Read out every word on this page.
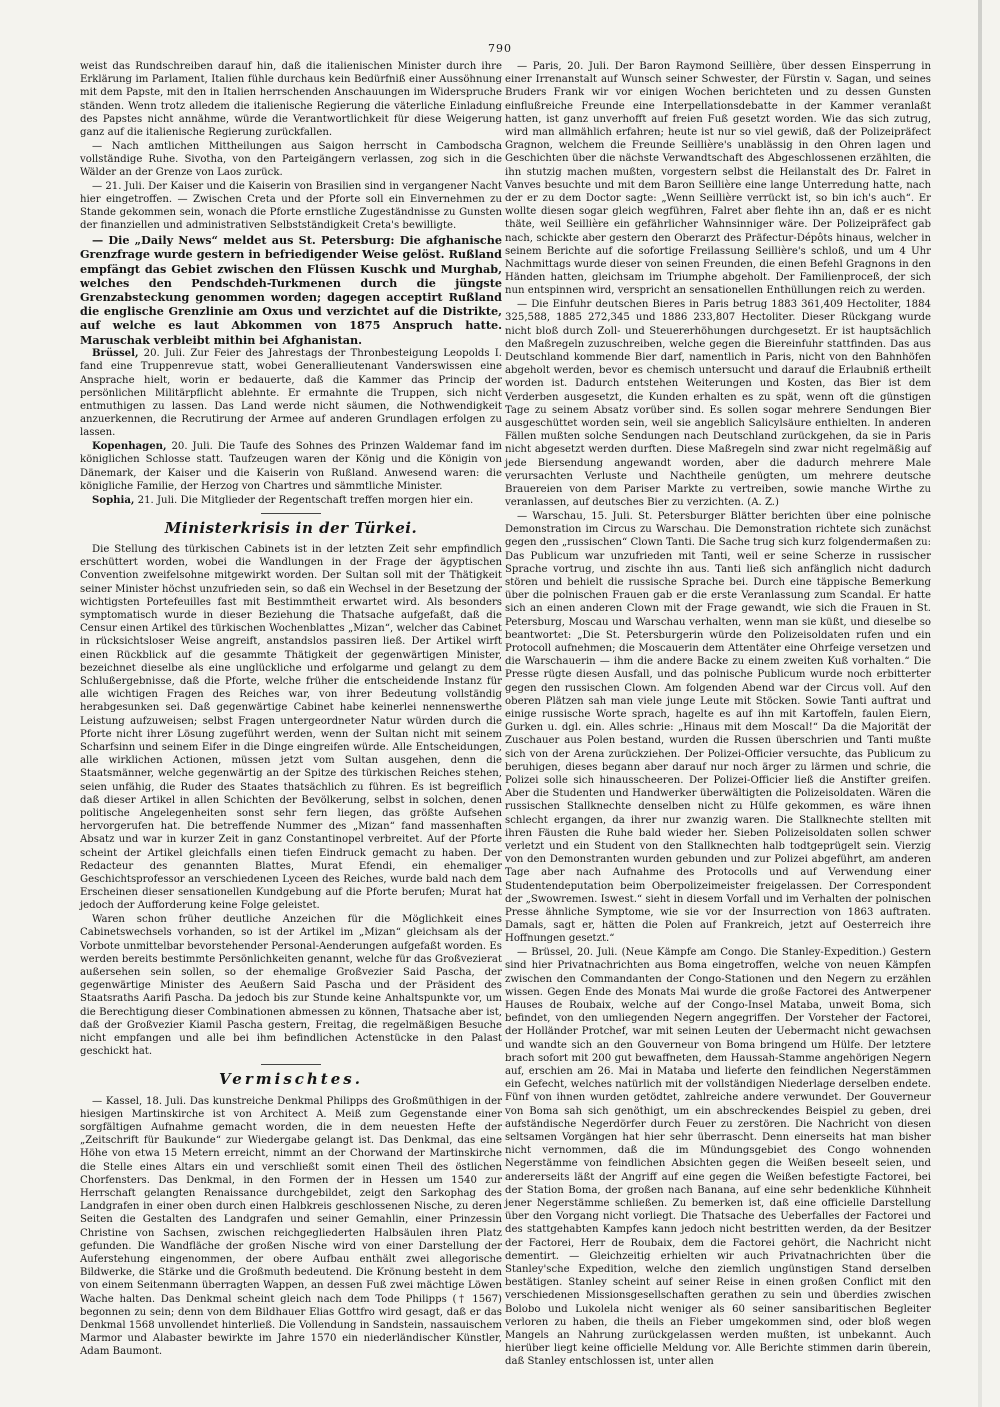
790

weist das Rundschreiben darauf hin, daß die italienischen Minister durch ihre Erklärung im Parlament, Italien fühle durchaus kein Bedürfniß einer Aussöhnung mit dem Papste, mit den in Italien herrschenden Anschauungen im Widerspruche ständen. Wenn trotz alledem die italienische Regierung die väterliche Einladung des Papstes nicht annähme, würde die Verantwortlichkeit für diese Weigerung ganz auf die italienische Regierung zurückfallen.

— Nach amtlichen Mittheilungen aus Saigon herrscht in Cambodscha vollständige Ruhe. Sivotha, von den Parteigängern verlassen, zog sich in die Wälder an der Grenze von Laos zurück.

— 21. Juli. Der Kaiser und die Kaiserin von Brasilien sind in vergangener Nacht hier eingetroffen. — Zwischen Creta und der Pforte soll ein Einvernehmen zu Stande gekommen sein, wonach die Pforte ernstliche Zugeständnisse zu Gunsten der finanziellen und administrativen Selbstständigkeit Creta's bewilligte.

— Die „Daily News“ meldet aus St. Petersburg: Die afghanische Grenzfrage wurde gestern in befriedigender Weise gelöst. Rußland empfängt das Gebiet zwischen den Flüssen Kuschk und Murghab, welches den Pendschdeh-Turkmenen durch die jüngste Grenzabsteckung genommen worden; dagegen acceptirt Rußland die englische Grenzlinie am Oxus und verzichtet auf die Distrikte, auf welche es laut Abkommen von 1875 Anspruch hatte. Maruschak verbleibt mithin bei Afghanistan.

Brüssel, 20. Juli. Zur Feier des Jahrestags der Thronbesteigung Leopolds I. fand eine Truppenrevue statt, wobei Generallieutenant Vanderswissen eine Ansprache hielt, worin er bedauerte, daß die Kammer das Princip der persönlichen Militärpflicht ablehnte. Er ermahnte die Truppen, sich nicht entmuthigen zu lassen. Das Land werde nicht säumen, die Nothwendigkeit anzuerkennen, die Recrutirung der Armee auf anderen Grundlagen erfolgen zu lassen.

Kopenhagen, 20. Juli. Die Taufe des Sohnes des Prinzen Waldemar fand im königlichen Schlosse statt. Taufzeugen waren der König und die Königin von Dänemark, der Kaiser und die Kaiserin von Rußland. Anwesend waren: die königliche Familie, der Herzog von Chartres und sämmtliche Minister.

Sophia, 21. Juli. Die Mitglieder der Regentschaft treffen morgen hier ein.

Ministerkrisis in der Türkei.

Die Stellung des türkischen Cabinets ist in der letzten Zeit sehr empfindlich erschüttert worden, wobei die Wandlungen in der Frage der ägyptischen Convention zweifelsohne mitgewirkt worden. Der Sultan soll mit der Thätigkeit seiner Minister höchst unzufrieden sein, so daß ein Wechsel in der Besetzung der wichtigsten Portefeuilles fast mit Bestimmtheit erwartet wird. Als besonders symptomatisch wurde in dieser Beziehung die Thatsache aufgefaßt, daß die Censur einen Artikel des türkischen Wochenblattes „Mizan“, welcher das Cabinet in rücksichtsloser Weise angreift, anstandslos passiren ließ. Der Artikel wirft einen Rückblick auf die gesammte Thätigkeit der gegenwärtigen Minister, bezeichnet dieselbe als eine unglückliche und erfolgarme und gelangt zu dem Schlußergebnisse, daß die Pforte, welche früher die entscheidende Instanz für alle wichtigen Fragen des Reiches war, von ihrer Bedeutung vollständig herabgesunken sei. Daß gegenwärtige Cabinet habe keinerlei nennenswerthe Leistung aufzuweisen; selbst Fragen untergeordneter Natur würden durch die Pforte nicht ihrer Lösung zugeführt werden, wenn der Sultan nicht mit seinem Scharfsinn und seinem Eifer in die Dinge eingreifen würde. Alle Entscheidungen, alle wirklichen Actionen, müssen jetzt vom Sultan ausgehen, denn die Staatsmänner, welche gegenwärtig an der Spitze des türkischen Reiches stehen, seien unfähig, die Ruder des Staates thatsächlich zu führen. Es ist begreiflich daß dieser Artikel in allen Schichten der Bevölkerung, selbst in solchen, denen politische Angelegenheiten sonst sehr fern liegen, das größte Aufsehen hervorgerufen hat. Die betreffende Nummer des „Mizan“ fand massenhaften Absatz und war in kurzer Zeit in ganz Constantinopel verbreitet. Auf der Pforte scheint der Artikel gleichfalls einen tiefen Eindruck gemacht zu haben. Der Redacteur des genannten Blattes, Murat Efendi, ein ehemaliger Geschichtsprofessor an verschiedenen Lyceen des Reiches, wurde bald nach dem Erscheinen dieser sensationellen Kundgebung auf die Pforte berufen; Murat hat jedoch der Aufforderung keine Folge geleistet.

Waren schon früher deutliche Anzeichen für die Möglichkeit eines Cabinetswechsels vorhanden, so ist der Artikel im „Mizan“ gleichsam als der Vorbote unmittelbar bevorstehender Personal-Aenderungen aufgefaßt worden. Es werden bereits bestimmte Persönlichkeiten genannt, welche für das Großvezierat außersehen sein sollen, so der ehemalige Großvezier Said Pascha, der gegenwärtige Minister des Aeußern Said Pascha und der Präsident des Staatsraths Aarifi Pascha. Da jedoch bis zur Stunde keine Anhaltspunkte vor, um die Berechtigung dieser Combinationen abmessen zu können, Thatsache aber ist, daß der Großvezier Kiamil Pascha gestern, Freitag, die regelmäßigen Besuche nicht empfangen und alle bei ihm befindlichen Actenstücke in den Palast geschickt hat.

Vermischtes.

— Kassel, 18. Juli. Das kunstreiche Denkmal Philipps des Großmüthigen in der hiesigen Martinskirche ist von Architect A. Meiß zum Gegenstande einer sorgfältigen Aufnahme gemacht worden, die in dem neuesten Hefte der „Zeitschrift für Baukunde“ zur Wiedergabe gelangt ist. Das Denkmal, das eine Höhe von etwa 15 Metern erreicht, nimmt an der Chorwand der Martinskirche die Stelle eines Altars ein und verschließt somit einen Theil des östlichen Chorfensters. Das Denkmal, in den Formen der in Hessen um 1540 zur Herrschaft gelangten Renaissance durchgebildet, zeigt den Sarkophag des Landgrafen in einer oben durch einen Halbkreis geschlossenen Nische, zu deren Seiten die Gestalten des Landgrafen und seiner Gemahlin, einer Prinzessin Christine von Sachsen, zwischen reichgegliederten Halbsäulen ihren Platz gefunden. Die Wandfläche der großen Nische wird von einer Darstellung der Auferstehung eingenommen, der obere Aufbau enthält zwei allegorische Bildwerke, die Stärke und die Großmuth bedeutend. Die Krönung besteht in dem von einem Seitenmann überragten Wappen, an dessen Fuß zwei mächtige Löwen Wache halten. Das Denkmal scheint gleich nach dem Tode Philipps († 1567) begonnen zu sein; denn von dem Bildhauer Elias Gottfro wird gesagt, daß er das Denkmal 1568 unvollendet hinterließ. Die Vollendung in Sandstein, nassauischem Marmor und Alabaster bewirkte im Jahre 1570 ein niederländischer Künstler, Adam Baumont.

— Paris, 20. Juli. Der Baron Raymond Seillière, über dessen Einsperrung in einer Irrenanstalt auf Wunsch seiner Schwester, der Fürstin v. Sagan, und seines Bruders Frank wir vor einigen Wochen berichteten und zu dessen Gunsten einflußreiche Freunde eine Interpellationsdebatte in der Kammer veranlaßt hatten, ist ganz unverhofft auf freien Fuß gesetzt worden. Wie das sich zutrug, wird man allmählich erfahren; heute ist nur so viel gewiß, daß der Polizeipräfect Gragnon, welchem die Freunde Seillière's unablässig in den Ohren lagen und Geschichten über die nächste Verwandtschaft des Abgeschlossenen erzählten, die ihn stutzig machen mußten, vorgestern selbst die Heilanstalt des Dr. Falret in Vanves besuchte und mit dem Baron Seillière eine lange Unterredung hatte, nach der er zu dem Doctor sagte: „Wenn Seillière verrückt ist, so bin ich's auch“. Er wollte diesen sogar gleich wegführen, Falret aber flehte ihn an, daß er es nicht thäte, weil Seillière ein gefährlicher Wahnsinniger wäre. Der Polizeipräfect gab nach, schickte aber gestern den Oberarzt des Präfectur-Dépôts hinaus, welcher in seinem Berichte auf die sofortige Freilassung Seillière's schloß, und um 4 Uhr Nachmittags wurde dieser von seinen Freunden, die einen Befehl Gragnons in den Händen hatten, gleichsam im Triumphe abgeholt. Der Familienproceß, der sich nun entspinnen wird, verspricht an sensationellen Enthüllungen reich zu werden.

— Die Einfuhr deutschen Bieres in Paris betrug 1883 361,409 Hectoliter, 1884 325,588, 1885 272,345 und 1886 233,807 Hectoliter. Dieser Rückgang wurde nicht bloß durch Zoll- und Steuererhöhungen durchgesetzt. Er ist hauptsächlich den Maßregeln zuzuschreiben, welche gegen die Biereinfuhr stattfinden. Das aus Deutschland kommende Bier darf, namentlich in Paris, nicht von den Bahnhöfen abgeholt werden, bevor es chemisch untersucht und darauf die Erlaubniß ertheilt worden ist. Dadurch entstehen Weiterungen und Kosten, das Bier ist dem Verderben ausgesetzt, die Kunden erhalten es zu spät, wenn oft die günstigen Tage zu seinem Absatz vorüber sind. Es sollen sogar mehrere Sendungen Bier ausgeschüttet worden sein, weil sie angeblich Salicylsäure enthielten. In anderen Fällen mußten solche Sendungen nach Deutschland zurückgehen, da sie in Paris nicht abgesetzt werden durften. Diese Maßregeln sind zwar nicht regelmäßig auf jede Biersendung angewandt worden, aber die dadurch mehrere Male verursachten Verluste und Nachtheile genügten, um mehrere deutsche Brauereien von dem Pariser Markte zu vertreiben, sowie manche Wirthe zu veranlassen, auf deutsches Bier zu verzichten. (A. Z.)

— Warschau, 15. Juli. St. Petersburger Blätter berichten über eine polnische Demonstration im Circus zu Warschau. Die Demonstration richtete sich zunächst gegen den „russischen“ Clown Tanti. Die Sache trug sich kurz folgendermaßen zu: Das Publicum war unzufrieden mit Tanti, weil er seine Scherze in russischer Sprache vortrug, und zischte ihn aus. Tanti ließ sich anfänglich nicht dadurch stören und behielt die russische Sprache bei. Durch eine täppische Bemerkung über die polnischen Frauen gab er die erste Veranlassung zum Scandal. Er hatte sich an einen anderen Clown mit der Frage gewandt, wie sich die Frauen in St. Petersburg, Moscau und Warschau verhalten, wenn man sie küßt, und dieselbe so beantwortet: „Die St. Petersburgerin würde den Polizeisoldaten rufen und ein Protocoll aufnehmen; die Moscauerin dem Attentäter eine Ohrfeige versetzen und die Warschauerin — ihm die andere Backe zu einem zweiten Kuß vorhalten.“ Die Presse rügte diesen Ausfall, und das polnische Publicum wurde noch erbitterter gegen den russischen Clown. Am folgenden Abend war der Circus voll. Auf den oberen Plätzen sah man viele junge Leute mit Stöcken. Sowie Tanti auftrat und einige russische Worte sprach, hagelte es auf ihn mit Kartoffeln, faulen Eiern, Gurken u. dgl. ein. Alles schrie: „Hinaus mit dem Moscal!“ Da die Majorität der Zuschauer aus Polen bestand, wurden die Russen überschrien und Tanti mußte sich von der Arena zurückziehen. Der Polizei-Officier versuchte, das Publicum zu beruhigen, dieses begann aber darauf nur noch ärger zu lärmen und schrie, die Polizei solle sich hinausscheeren. Der Polizei-Officier ließ die Anstifter greifen. Aber die Studenten und Handwerker überwältigten die Polizeisoldaten. Wären die russischen Stallknechte denselben nicht zu Hülfe gekommen, es wäre ihnen schlecht ergangen, da ihrer nur zwanzig waren. Die Stallknechte stellten mit ihren Fäusten die Ruhe bald wieder her. Sieben Polizeisoldaten sollen schwer verletzt und ein Student von den Stallknechten halb todtgeprügelt sein. Vierzig von den Demonstranten wurden gebunden und zur Polizei abgeführt, am anderen Tage aber nach Aufnahme des Protocolls und auf Verwendung einer Studentendeputation beim Oberpolizeimeister freigelassen. Der Correspondent der „Swowremen. Iswest.“ sieht in diesem Vorfall und im Verhalten der polnischen Presse ähnliche Symptome, wie sie vor der Insurrection von 1863 auftraten. Damals, sagt er, hätten die Polen auf Frankreich, jetzt auf Oesterreich ihre Hoffnungen gesetzt.“

— Brüssel, 20. Juli. (Neue Kämpfe am Congo. Die Stanley-Expedition.) Gestern sind hier Privatnachrichten aus Boma eingetroffen, welche von neuen Kämpfen zwischen den Commandanten der Congo-Stationen und den Negern zu erzählen wissen. Gegen Ende des Monats Mai wurde die große Factorei des Antwerpener Hauses de Roubaix, welche auf der Congo-Insel Mataba, unweit Boma, sich befindet, von den umliegenden Negern angegriffen. Der Vorsteher der Factorei, der Holländer Protchef, war mit seinen Leuten der Uebermacht nicht gewachsen und wandte sich an den Gouverneur von Boma bringend um Hülfe. Der letztere brach sofort mit 200 gut bewaffneten, dem Haussah-Stamme angehörigen Negern auf, erschien am 26. Mai in Mataba und lieferte den feindlichen Negerstämmen ein Gefecht, welches natürlich mit der vollständigen Niederlage derselben endete. Fünf von ihnen wurden getödtet, zahlreiche andere verwundet. Der Gouverneur von Boma sah sich genöthigt, um ein abschreckendes Beispiel zu geben, drei aufständische Negerdörfer durch Feuer zu zerstören. Die Nachricht von diesen seltsamen Vorgängen hat hier sehr überrascht. Denn einerseits hat man bisher nicht vernommen, daß die im Mündungsgebiet des Congo wohnenden Negerstämme von feindlichen Absichten gegen die Weißen beseelt seien, und andererseits läßt der Angriff auf eine gegen die Weißen befestigte Factorei, bei der Station Boma, der großen nach Banana, auf eine sehr bedenkliche Kühnheit jener Negerstämme schließen. Zu bemerken ist, daß eine officielle Darstellung über den Vorgang nicht vorliegt. Die Thatsache des Ueberfalles der Factorei und des stattgehabten Kampfes kann jedoch nicht bestritten werden, da der Besitzer der Factorei, Herr de Roubaix, dem die Factorei gehört, die Nachricht nicht dementirt. — Gleichzeitig erhielten wir auch Privatnachrichten über die Stanley'sche Expedition, welche den ziemlich ungünstigen Stand derselben bestätigen. Stanley scheint auf seiner Reise in einen großen Conflict mit den verschiedenen Missionsgesellschaften gerathen zu sein und überdies zwischen Bolobo und Lukolela nicht weniger als 60 seiner sansibaritischen Begleiter verloren zu haben, die theils an Fieber umgekommen sind, oder bloß wegen Mangels an Nahrung zurückgelassen werden mußten, ist unbekannt. Auch hierüber liegt keine officielle Meldung vor. Alle Berichte stimmen darin überein, daß Stanley entschlossen ist, unter allen
